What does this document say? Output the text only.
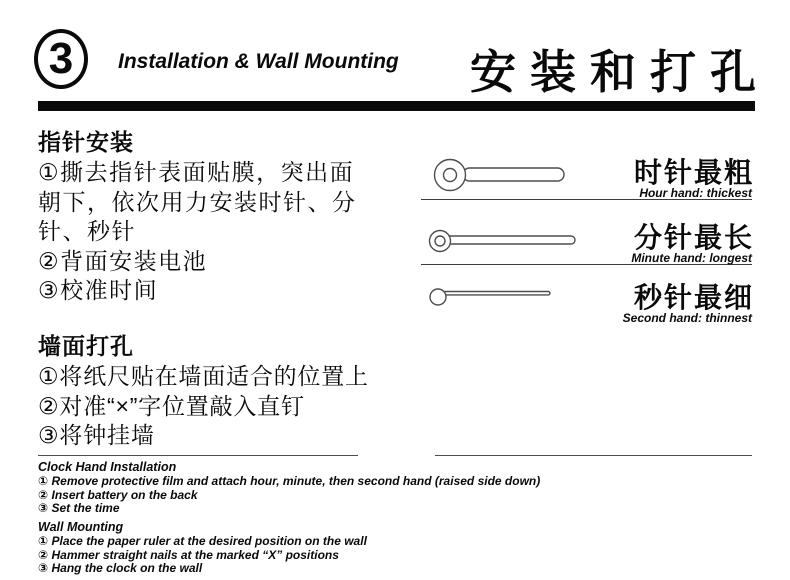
3 Installation & Wall Mounting 安装和打孔
指针安装
①撕去指针表面贴膜，突出面
朝下，依次用力安装时针、分
针、秒针
②背面安装电池
③校准时间
墙面打孔
①将纸尺贴在墙面适合的位置上
②对准“×”字位置敲入直钉
③将钟挂墙
时针最粗
Hour hand: thickest
分针最长
Minute hand: longest
秒针最细
Second hand: thinnest
Clock Hand Installation
① Remove protective film and attach hour, minute, then second hand (raised side down)
② Insert battery on the back
③ Set the time
Wall Mounting
① Place the paper ruler at the desired position on the wall
② Hammer straight nails at the marked “X” positions
③ Hang the clock on the wall
